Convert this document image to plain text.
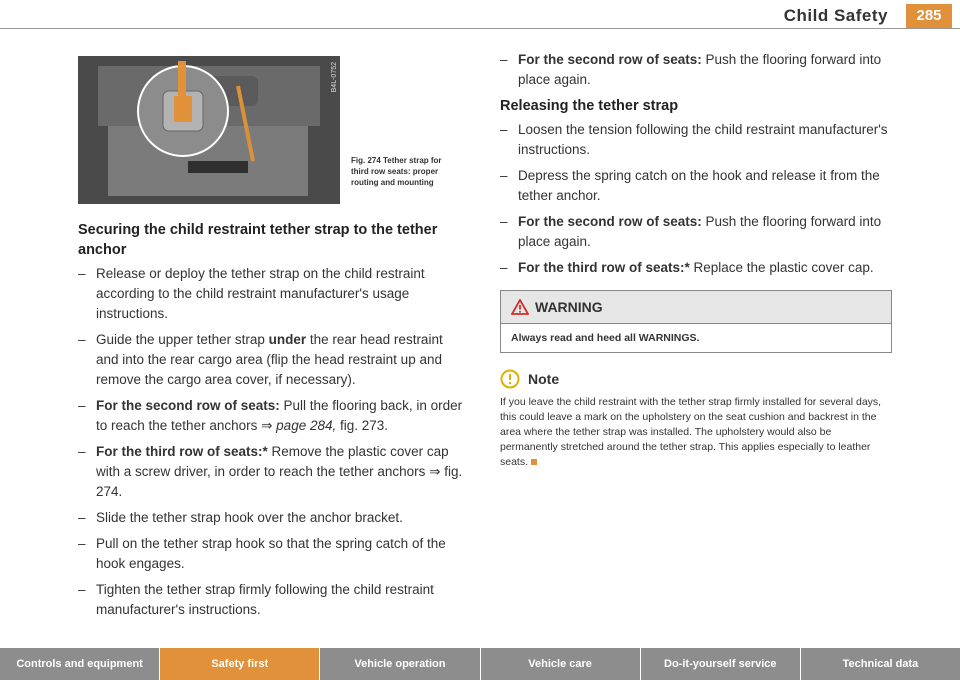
Child Safety	285
B4L-0752
Fig. 274 Tether strap for third row seats: proper routing and mounting
Securing the child restraint tether strap to the tether anchor
– Release or deploy the tether strap on the child restraint according to the child restraint manufacturer's usage instructions.
– Guide the upper tether strap under the rear head restraint and into the rear cargo area (flip the head restraint up and remove the cargo area cover, if necessary).
– For the second row of seats: Pull the flooring back, in order to reach the tether anchors ⇒ page 284, fig. 273.
– For the third row of seats:* Remove the plastic cover cap with a screw driver, in order to reach the tether anchors ⇒ fig. 274.
– Slide the tether strap hook over the anchor bracket.
– Pull on the tether strap hook so that the spring catch of the hook engages.
– Tighten the tether strap firmly following the child restraint manufacturer's instructions.
– For the second row of seats: Push the flooring forward into place again.
Releasing the tether strap
– Loosen the tension following the child restraint manufacturer's instructions.
– Depress the spring catch on the hook and release it from the tether anchor.
– For the second row of seats: Push the flooring forward into place again.
– For the third row of seats:* Replace the plastic cover cap.
WARNING
Always read and heed all WARNINGS.
Note
If you leave the child restraint with the tether strap firmly installed for several days, this could leave a mark on the upholstery on the seat cushion and backrest in the area where the tether strap was installed. The upholstery would also be permanently stretched around the tether strap. This applies especially to leather seats.
Controls and equipment	Safety first	Vehicle operation	Vehicle care	Do-it-yourself service	Technical data
